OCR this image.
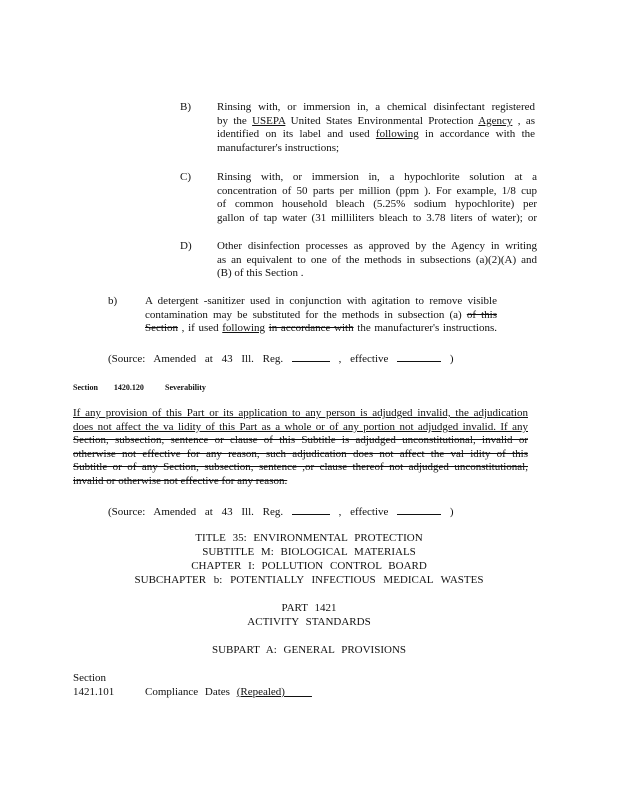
B) Rinsing with, or immersion in, a chemical disinfectant registered
by the USEPA United States Environmental Protection Agency , as
identified on its label and used following in accordance with the
manufacturer's instructions;
C) Rinsing with, or immersion in, a hypochlorite solution at a
concentration of 50 parts per million (ppm ). For example, 1/8 cup
of common household bleach (5.25% sodium hypochlorite) per
gallon of tap water (31 milliliters bleach to 3.78 liters of water); or
D) Other disinfection processes as approved by the Agency in writing
as an equivalent to one of the methods in subsections (a)(2)(A) and
(B) of this Section .
b)	A detergent -sanitizer used in conjunction with agitation to remove visible
contamination may be substituted for the methods in subsection (a) of this
Section , if used following in accordance with the manufacturer's instructions.
(Source: Amended at 43 Ill. Reg.	, effective	)
Section 1420.120	Severability
If any provision of this Part or its application to any person is adjudged invalid, the adjudication
does not affect the va lidity of this Part as a whole or of any portion not adjudged invalid. If any
Section, subsection, sentence or clause of this Subtitle is adjudged unconstitutional, invalid or
otherwise not effective for any reason, such adjudication does not affect the val idity of this
Subtitle or of any Section, subsection, sentence ,or clause thereof not adjudged unconstitutional,
invalid or otherwise not effective for any reason.
(Source: Amended at 43 Ill. Reg.	, effective	)
TITLE 35: ENVIRONMENTAL PROTECTION
SUBTITLE M: BIOLOGICAL MATERIALS
CHAPTER I: POLLUTION CONTROL BOARD
SUBCHAPTER b: POTENTIALLY INFECTIOUS MEDICAL WASTES
PART 1421
ACTIVITY STANDARDS
SUBPART A: GENERAL PROVISIONS
Section
1421.101	Compliance Dates (Repealed)
